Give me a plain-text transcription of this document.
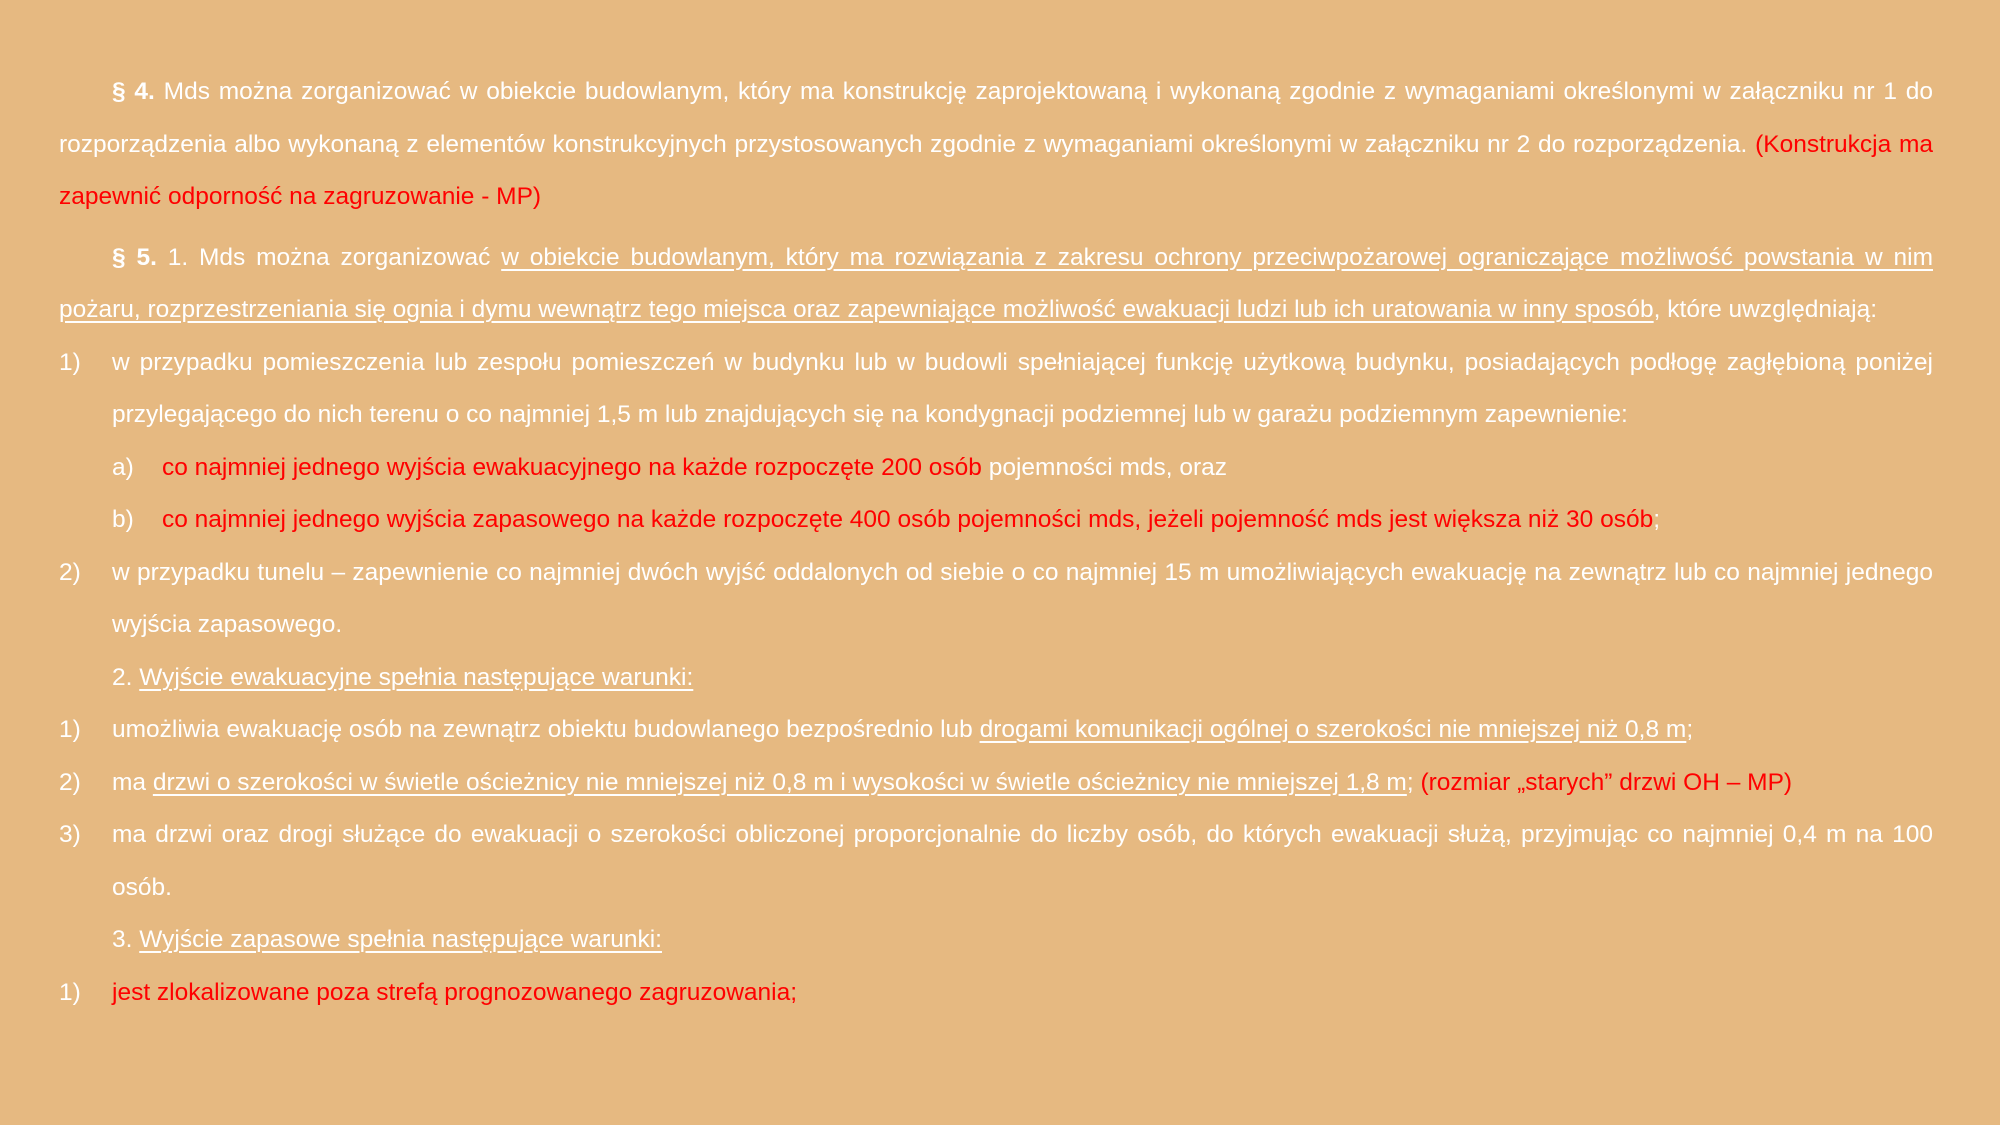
§ 4. Mds można zorganizować w obiekcie budowlanym, który ma konstrukcję zaprojektowaną i wykonaną zgodnie z wymaganiami określonymi w załączniku nr 1 do rozporządzenia albo wykonaną z elementów konstrukcyjnych przystosowanych zgodnie z wymaganiami określonymi w załączniku nr 2 do rozporządzenia. (Konstrukcja ma zapewnić odporność na zagruzowanie - MP)

§ 5. 1. Mds można zorganizować w obiekcie budowlanym, który ma rozwiązania z zakresu ochrony przeciwpożarowej ograniczające możliwość powstania w nim pożaru, rozprzestrzeniania się ognia i dymu wewnątrz tego miejsca oraz zapewniające możliwość ewakuacji ludzi lub ich uratowania w inny sposób, które uwzględniają:

1) w przypadku pomieszczenia lub zespołu pomieszczeń w budynku lub w budowli spełniającej funkcję użytkową budynku, posiadających podłogę zagłębioną poniżej przylegającego do nich terenu o co najmniej 1,5 m lub znajdujących się na kondygnacji podziemnej lub w garażu podziemnym zapewnienie:
a) co najmniej jednego wyjścia ewakuacyjnego na każde rozpoczęte 200 osób pojemności mds, oraz
b) co najmniej jednego wyjścia zapasowego na każde rozpoczęte 400 osób pojemności mds, jeżeli pojemność mds jest większa niż 30 osób;
2) w przypadku tunelu – zapewnienie co najmniej dwóch wyjść oddalonych od siebie o co najmniej 15 m umożliwiających ewakuację na zewnątrz lub co najmniej jednego wyjścia zapasowego.

2. Wyjście ewakuacyjne spełnia następujące warunki:

1) umożliwia ewakuację osób na zewnątrz obiektu budowlanego bezpośrednio lub drogami komunikacji ogólnej o szerokości nie mniejszej niż 0,8 m;
2) ma drzwi o szerokości w świetle ościeżnicy nie mniejszej niż 0,8 m i wysokości w świetle ościeżnicy nie mniejszej 1,8 m; (rozmiar „starych” drzwi OH – MP)
3) ma drzwi oraz drogi służące do ewakuacji o szerokości obliczonej proporcjonalnie do liczby osób, do których ewakuacji służą, przyjmując co najmniej 0,4 m na 100 osób.

3. Wyjście zapasowe spełnia następujące warunki:

1) jest zlokalizowane poza strefą prognozowanego zagruzowania;
